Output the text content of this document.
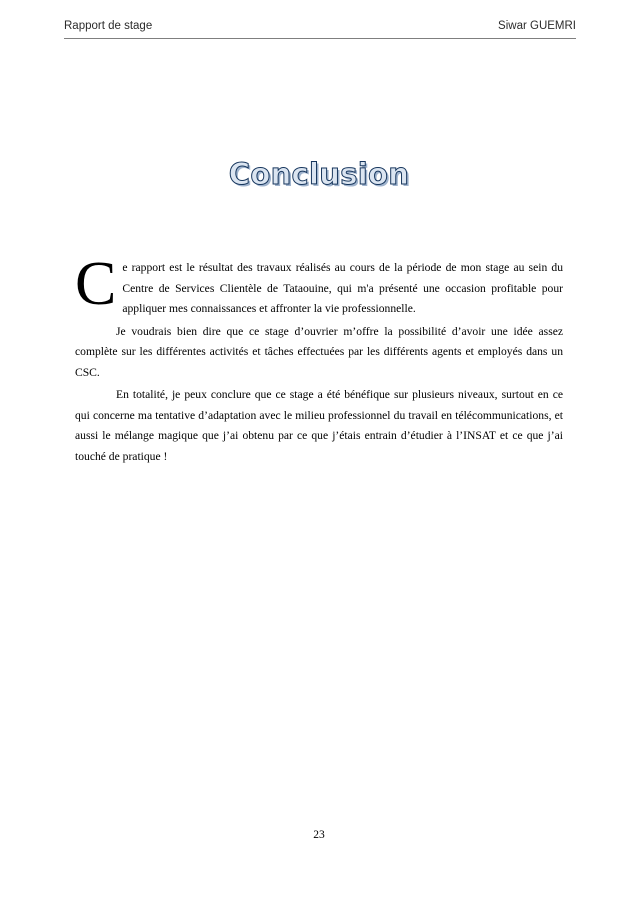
Rapport de stage	Siwar GUEMRI
Conclusion

Ce rapport est le résultat des travaux réalisés au cours de la période de mon stage au sein du Centre de Services Clientèle de Tataouine, qui m'a présenté une occasion profitable pour appliquer mes connaissances et affronter la vie professionnelle.

Je voudrais bien dire que ce stage d’ouvrier m’offre la possibilité d’avoir une idée assez complète sur les différentes activités et tâches effectuées par les différents agents et employés dans un CSC.

En totalité, je peux conclure que ce stage a été bénéfique sur plusieurs niveaux, surtout en ce qui concerne ma tentative d’adaptation avec le milieu professionnel du travail en télécommunications, et aussi le mélange magique que j’ai obtenu par ce que j’étais entrain d’étudier à l’INSAT et ce que j’ai touché de pratique !

23
